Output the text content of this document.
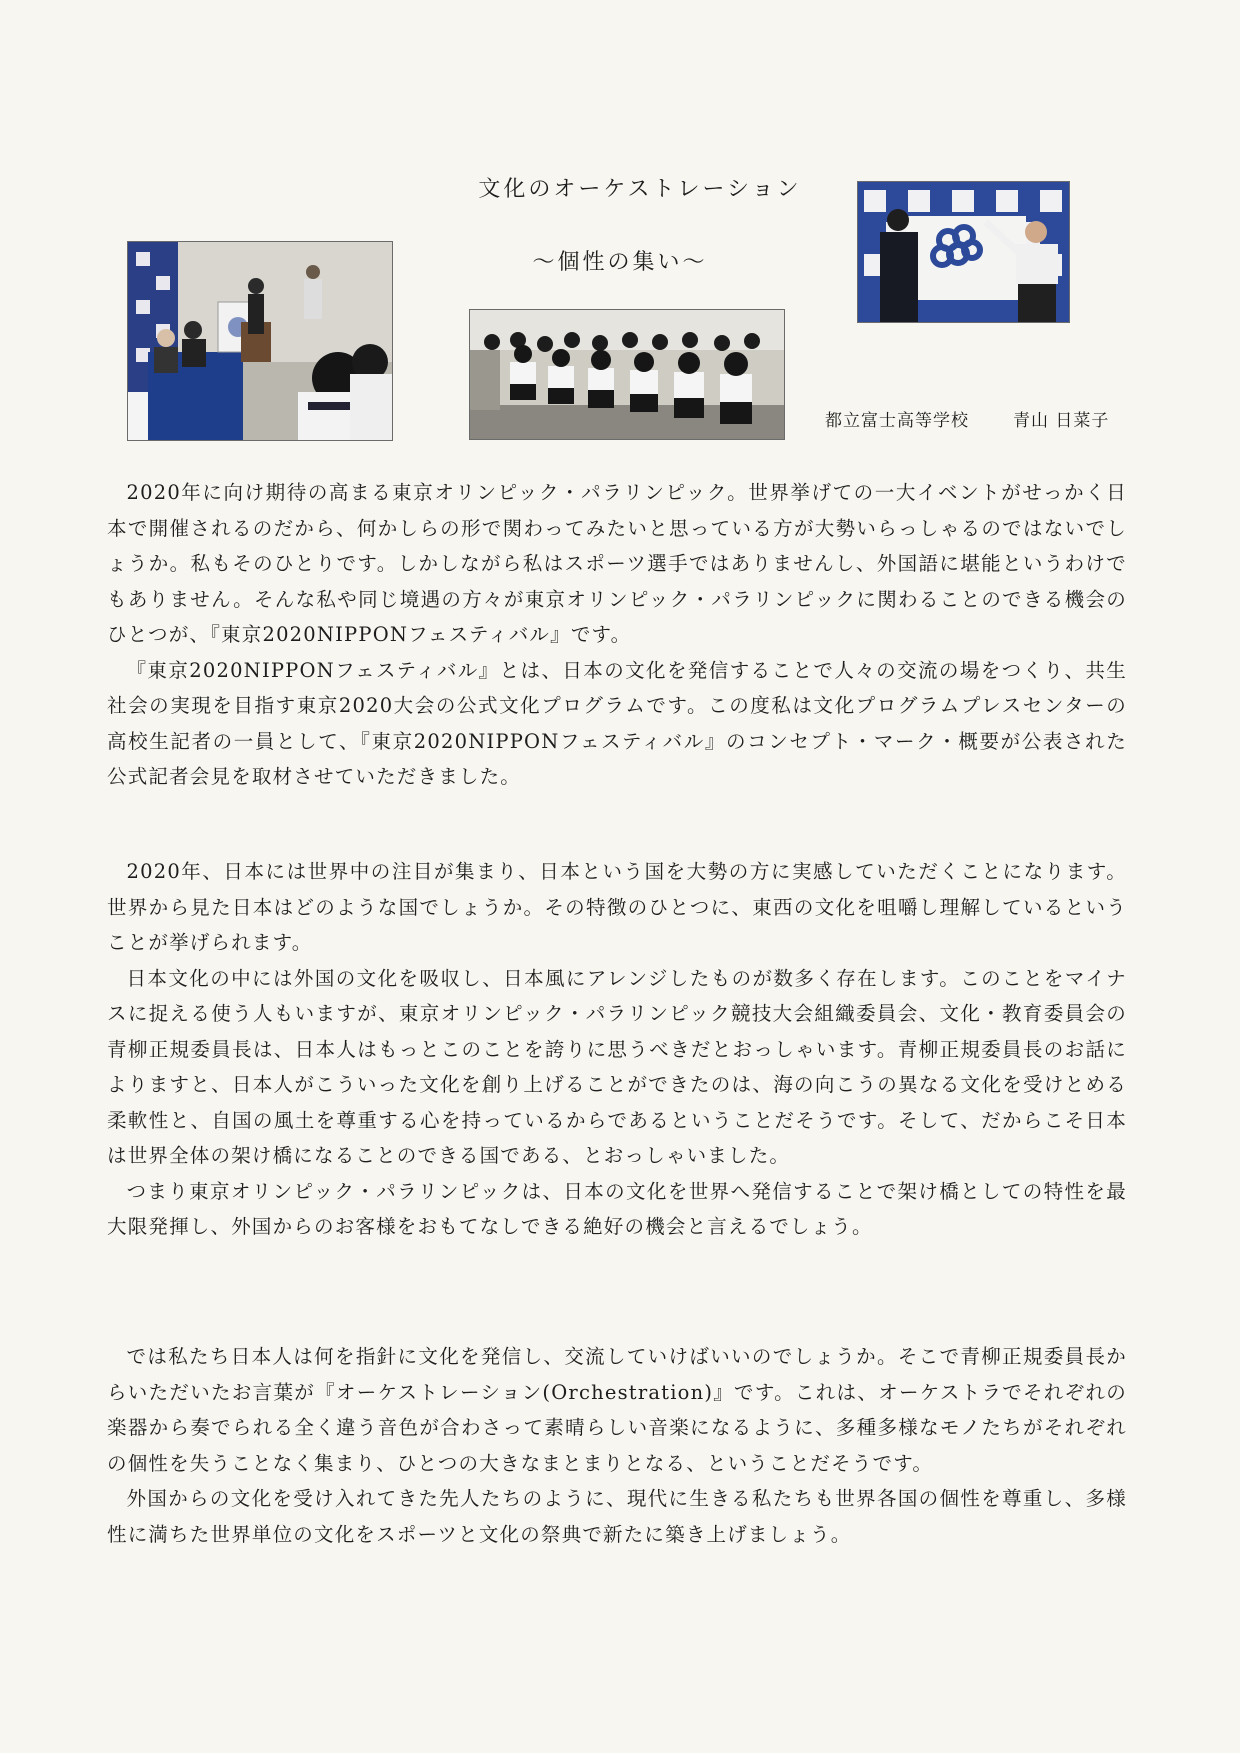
文化のオーケストレーション
～個性の集い～
都立富士高等学校	青山 日菜子

2020年に向け期待の高まる東京オリンピック・パラリンピック。世界挙げての一大イベントがせっかく日本で開催されるのだから、何かしらの形で関わってみたいと思っている方が大勢いらっしゃるのではないでしょうか。私もそのひとりです。しかしながら私はスポーツ選手ではありませんし、外国語に堪能というわけでもありません。そんな私や同じ境遇の方々が東京オリンピック・パラリンピックに関わることのできる機会のひとつが、『東京2020NIPPONフェスティバル』です。

『東京2020NIPPONフェスティバル』とは、日本の文化を発信することで人々の交流の場をつくり、共生社会の実現を目指す東京2020大会の公式文化プログラムです。この度私は文化プログラムプレスセンターの高校生記者の一員として、『東京2020NIPPONフェスティバル』のコンセプト・マーク・概要が公表された公式記者会見を取材させていただきました。

2020年、日本には世界中の注目が集まり、日本という国を大勢の方に実感していただくことになります。世界から見た日本はどのような国でしょうか。その特徴のひとつに、東西の文化を咀嚼し理解しているということが挙げられます。

日本文化の中には外国の文化を吸収し、日本風にアレンジしたものが数多く存在します。このことをマイナスに捉える使う人もいますが、東京オリンピック・パラリンピック競技大会組織委員会、文化・教育委員会の青柳正規委員長は、日本人はもっとこのことを誇りに思うべきだとおっしゃいます。青柳正規委員長のお話によりますと、日本人がこういった文化を創り上げることができたのは、海の向こうの異なる文化を受けとめる柔軟性と、自国の風土を尊重する心を持っているからであるということだそうです。そして、だからこそ日本は世界全体の架け橋になることのできる国である、とおっしゃいました。

つまり東京オリンピック・パラリンピックは、日本の文化を世界へ発信することで架け橋としての特性を最大限発揮し、外国からのお客様をおもてなしできる絶好の機会と言えるでしょう。

では私たち日本人は何を指針に文化を発信し、交流していけばいいのでしょうか。そこで青柳正規委員長からいただいたお言葉が『オーケストレーション(Orchestration)』です。これは、オーケストラでそれぞれの楽器から奏でられる全く違う音色が合わさって素晴らしい音楽になるように、多種多様なモノたちがそれぞれの個性を失うことなく集まり、ひとつの大きなまとまりとなる、ということだそうです。

外国からの文化を受け入れてきた先人たちのように、現代に生きる私たちも世界各国の個性を尊重し、多様性に満ちた世界単位の文化をスポーツと文化の祭典で新たに築き上げましょう。
